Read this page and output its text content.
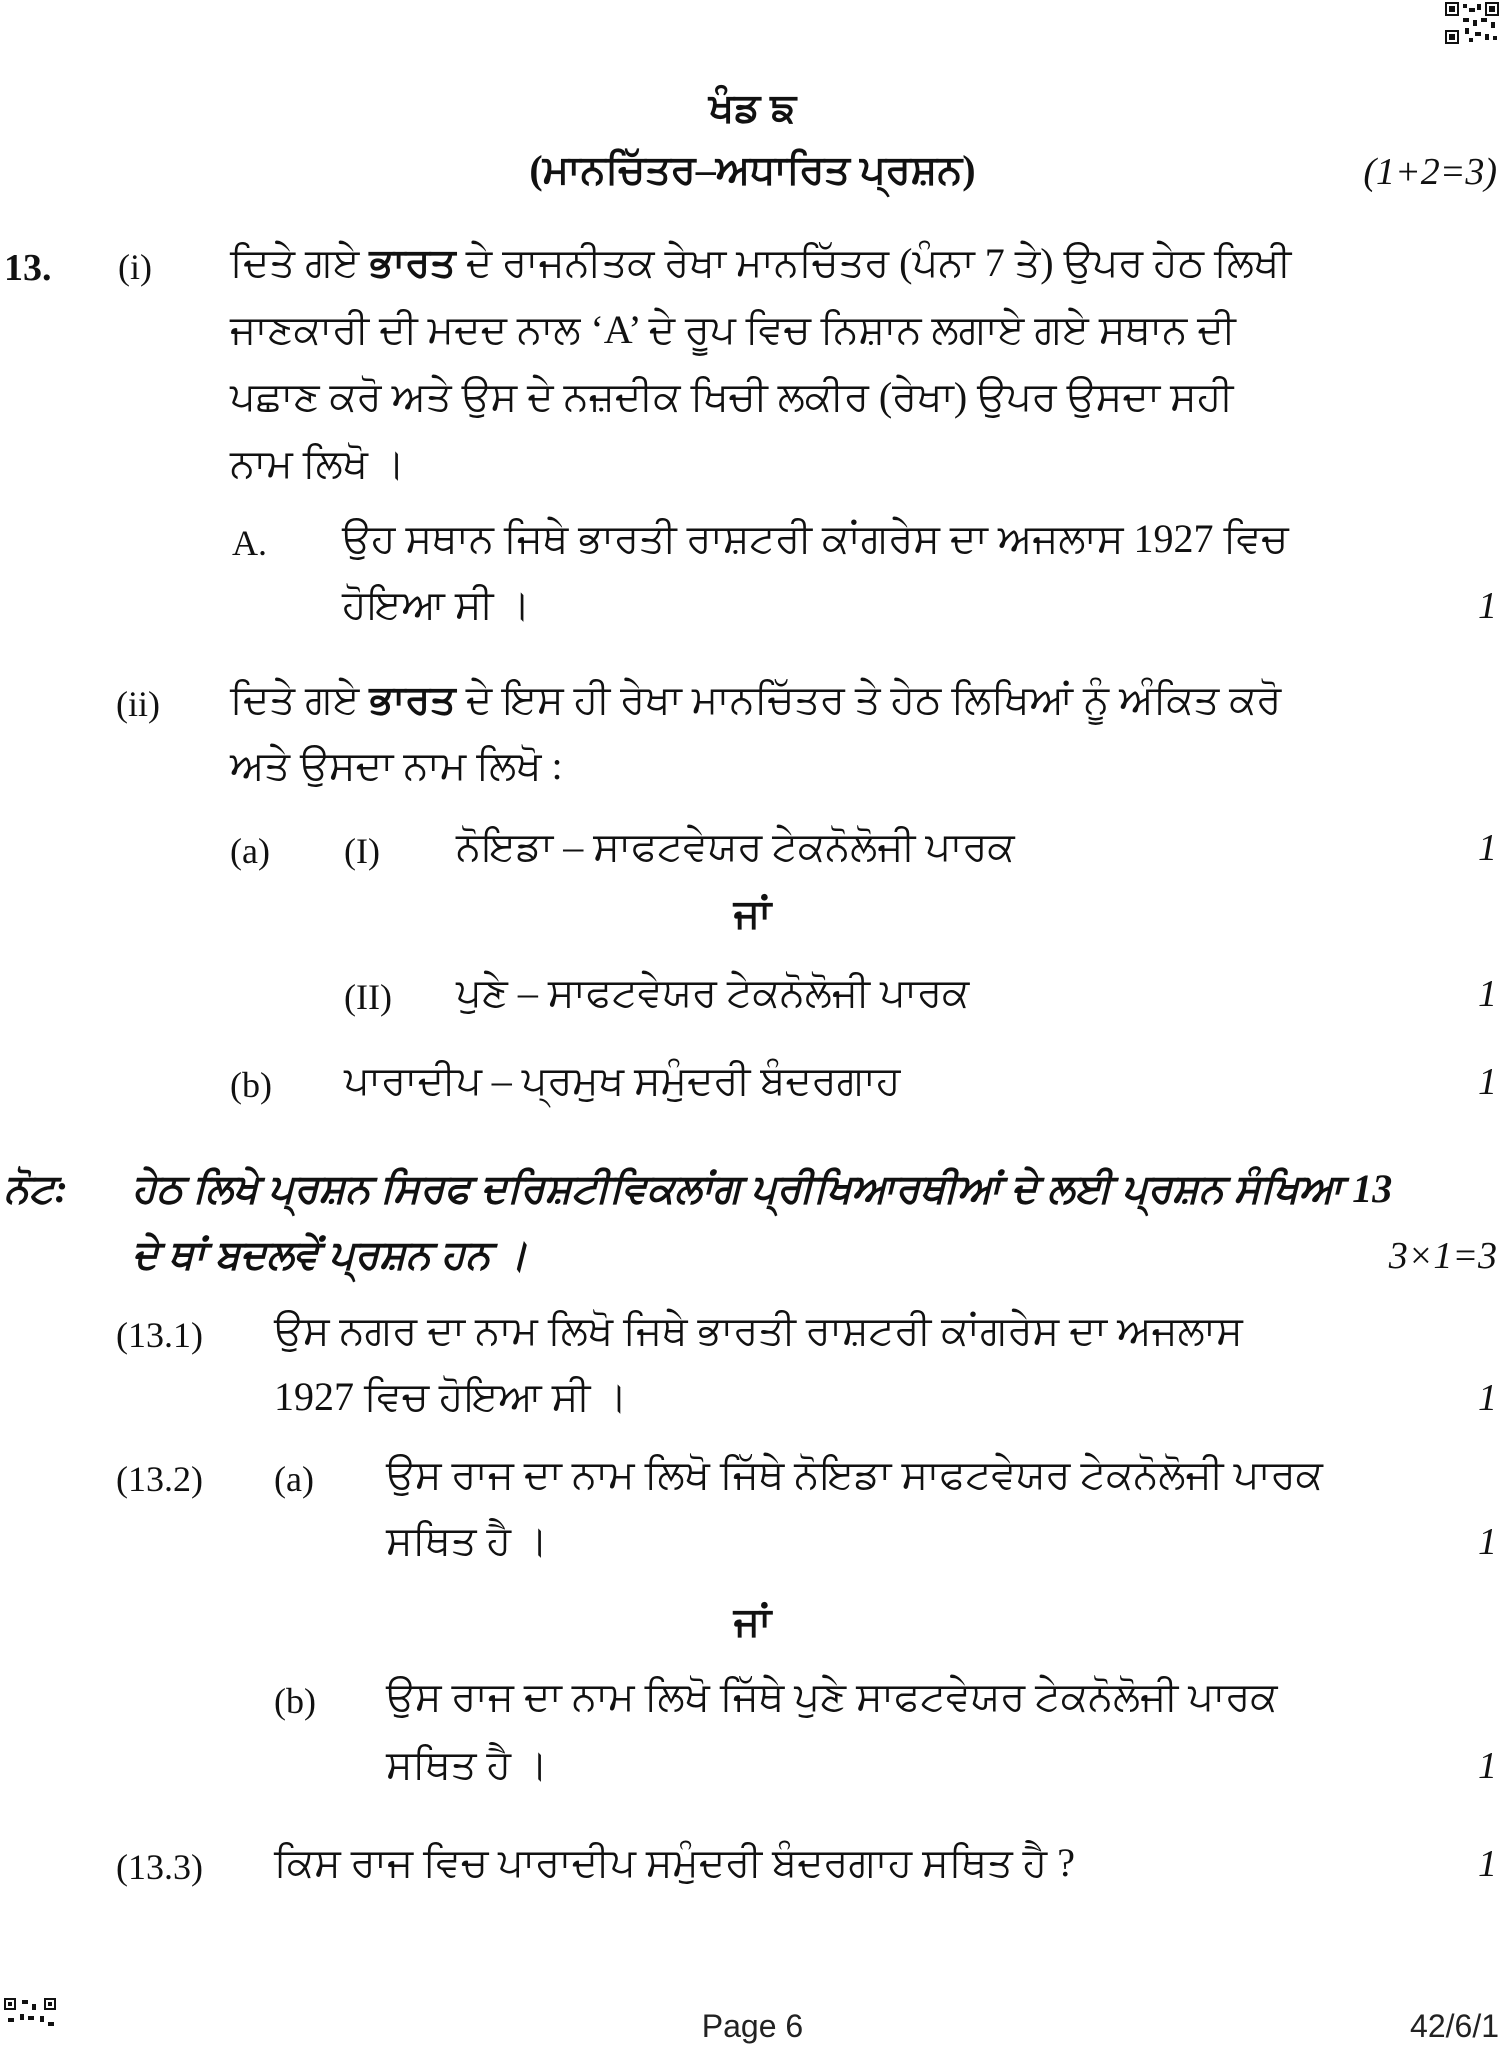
ਖੰਡ ਙ
(ਮਾਨਚਿੱਤਰ–ਅਧਾਰਿਤ ਪ੍ਰਸ਼ਨ)	(1+2=3)
13. (i) ਦਿਤੇ ਗਏ ਭਾਰਤ ਦੇ ਰਾਜਨੀਤਕ ਰੇਖਾ ਮਾਨਚਿੱਤਰ (ਪੰਨਾ 7 ਤੇ) ਉਪਰ ਹੇਠ ਲਿਖੀ
ਜਾਣਕਾਰੀ ਦੀ ਮਦਦ ਨਾਲ ‘A’ ਦੇ ਰੂਪ ਵਿਚ ਨਿਸ਼ਾਨ ਲਗਾਏ ਗਏ ਸਥਾਨ ਦੀ
ਪਛਾਣ ਕਰੋ ਅਤੇ ਉਸ ਦੇ ਨਜ਼ਦੀਕ ਖਿਚੀ ਲਕੀਰ (ਰੇਖਾ) ਉਪਰ ਉਸਦਾ ਸਹੀ
ਨਾਮ ਲਿਖੋ ।
A. ਉਹ ਸਥਾਨ ਜਿਥੇ ਭਾਰਤੀ ਰਾਸ਼ਟਰੀ ਕਾਂਗਰੇਸ ਦਾ ਅਜਲਾਸ 1927 ਵਿਚ
ਹੋਇਆ ਸੀ ।	1
(ii) ਦਿਤੇ ਗਏ ਭਾਰਤ ਦੇ ਇਸ ਹੀ ਰੇਖਾ ਮਾਨਚਿੱਤਰ ਤੇ ਹੇਠ ਲਿਖਿਆਂ ਨੂੰ ਅੰਕਿਤ ਕਰੋ
ਅਤੇ ਉਸਦਾ ਨਾਮ ਲਿਖੋ :
(a) (I) ਨੋਇਡਾ – ਸਾਫਟਵੇਯਰ ਟੇਕਨੋਲੋਜੀ ਪਾਰਕ	1
ਜਾਂ
(II) ਪੁਣੇ – ਸਾਫਟਵੇਯਰ ਟੇਕਨੋਲੋਜੀ ਪਾਰਕ	1
(b) ਪਾਰਾਦੀਪ – ਪ੍ਰਮੁਖ ਸਮੁੰਦਰੀ ਬੰਦਰਗਾਹ	1
ਨੋਟ: ਹੇਠ ਲਿਖੇ ਪ੍ਰਸ਼ਨ ਸਿਰਫ ਦਰਿਸ਼ਟੀਵਿਕਲਾਂਗ ਪ੍ਰੀਖਿਆਰਥੀਆਂ ਦੇ ਲਈ ਪ੍ਰਸ਼ਨ ਸੰਖਿਆ 13
ਦੇ ਥਾਂ ਬਦਲਵੇਂ ਪ੍ਰਸ਼ਨ ਹਨ ।	3×1=3
(13.1) ਉਸ ਨਗਰ ਦਾ ਨਾਮ ਲਿਖੋ ਜਿਥੇ ਭਾਰਤੀ ਰਾਸ਼ਟਰੀ ਕਾਂਗਰੇਸ ਦਾ ਅਜਲਾਸ
1927 ਵਿਚ ਹੋਇਆ ਸੀ ।	1
(13.2) (a) ਉਸ ਰਾਜ ਦਾ ਨਾਮ ਲਿਖੋ ਜਿੱਥੇ ਨੋਇਡਾ ਸਾਫਟਵੇਯਰ ਟੇਕਨੋਲੋਜੀ ਪਾਰਕ
ਸਥਿਤ ਹੈ ।	1
ਜਾਂ
(b) ਉਸ ਰਾਜ ਦਾ ਨਾਮ ਲਿਖੋ ਜਿੱਥੇ ਪੁਣੇ ਸਾਫਟਵੇਯਰ ਟੇਕਨੋਲੋਜੀ ਪਾਰਕ
ਸਥਿਤ ਹੈ ।	1
(13.3) ਕਿਸ ਰਾਜ ਵਿਚ ਪਾਰਾਦੀਪ ਸਮੁੰਦਰੀ ਬੰਦਰਗਾਹ ਸਥਿਤ ਹੈ ?	1
Page 6	42/6/1
